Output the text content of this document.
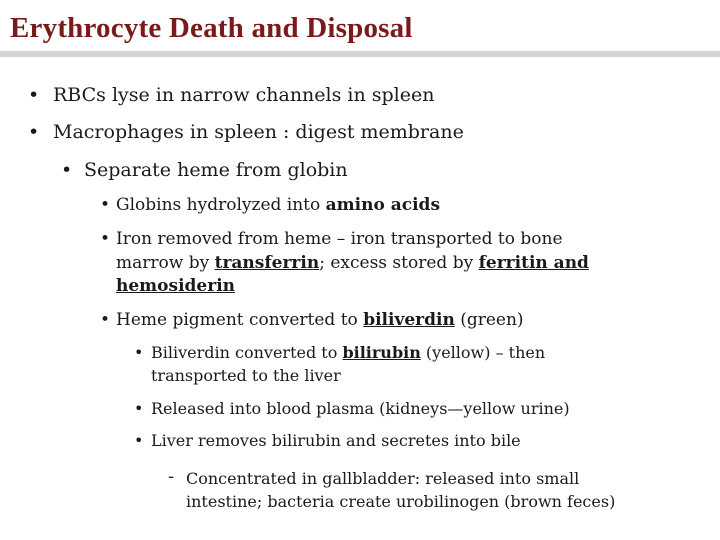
Erythrocyte Death and Disposal
• RBCs lyse in narrow channels in spleen
• Macrophages in spleen : digest membrane
• Separate heme from globin
• Globins hydrolyzed into amino acids
• Iron removed from heme – iron transported to bone
marrow by transferrin; excess stored by ferritin and
hemosiderin
• Heme pigment converted to biliverdin (green)
• Biliverdin converted to bilirubin (yellow) – then
transported to the liver
• Released into blood plasma (kidneys—yellow urine)
• Liver removes bilirubin and secretes into bile
- Concentrated in gallbladder: released into small
intestine; bacteria create urobilinogen (brown feces)
